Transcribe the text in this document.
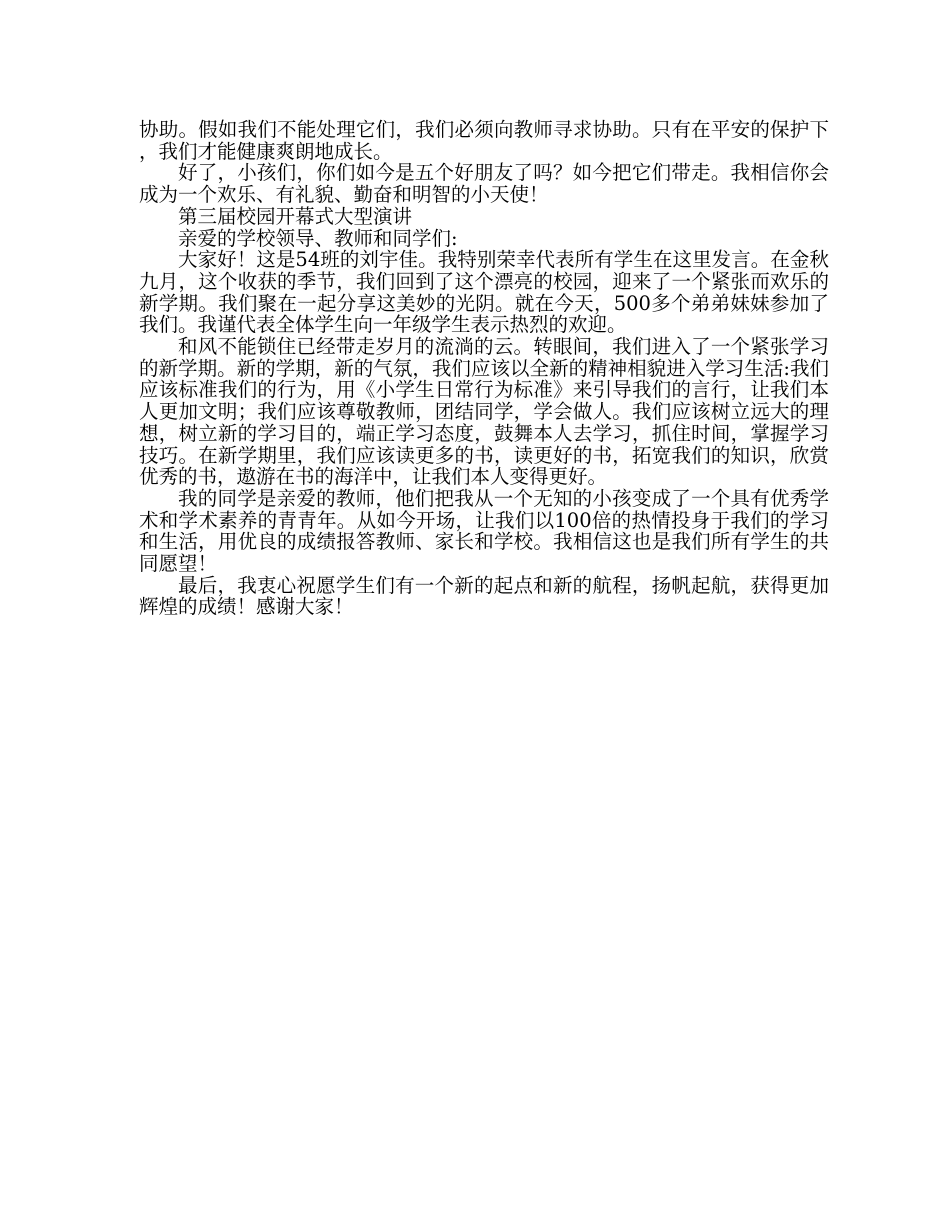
协助。假如我们不能处理它们，我们必须向教师寻求协助。只有在平安的保护下，我们才能健康爽朗地成长。

好了，小孩们，你们如今是五个好朋友了吗？如今把它们带走。我相信你会成为一个欢乐、有礼貌、勤奋和明智的小天使！

第三届校园开幕式大型演讲

亲爱的学校领导、教师和同学们:

大家好！这是54班的刘宇佳。我特别荣幸代表所有学生在这里发言。在金秋九月，这个收获的季节，我们回到了这个漂亮的校园，迎来了一个紧张而欢乐的新学期。我们聚在一起分享这美妙的光阴。就在今天，500多个弟弟妹妹参加了我们。我谨代表全体学生向一年级学生表示热烈的欢迎。

和风不能锁住已经带走岁月的流淌的云。转眼间，我们进入了一个紧张学习的新学期。新的学期，新的气氛，我们应该以全新的精神相貌进入学习生活:我们应该标准我们的行为，用《小学生日常行为标准》来引导我们的言行，让我们本人更加文明；我们应该尊敬教师，团结同学，学会做人。我们应该树立远大的理想，树立新的学习目的，端正学习态度，鼓舞本人去学习，抓住时间，掌握学习技巧。在新学期里，我们应该读更多的书，读更好的书，拓宽我们的知识，欣赏优秀的书，遨游在书的海洋中，让我们本人变得更好。

我的同学是亲爱的教师，他们把我从一个无知的小孩变成了一个具有优秀学术和学术素养的青青年。从如今开场，让我们以100倍的热情投身于我们的学习和生活，用优良的成绩报答教师、家长和学校。我相信这也是我们所有学生的共同愿望！

最后，我衷心祝愿学生们有一个新的起点和新的航程，扬帆起航，获得更加辉煌的成绩！感谢大家！
